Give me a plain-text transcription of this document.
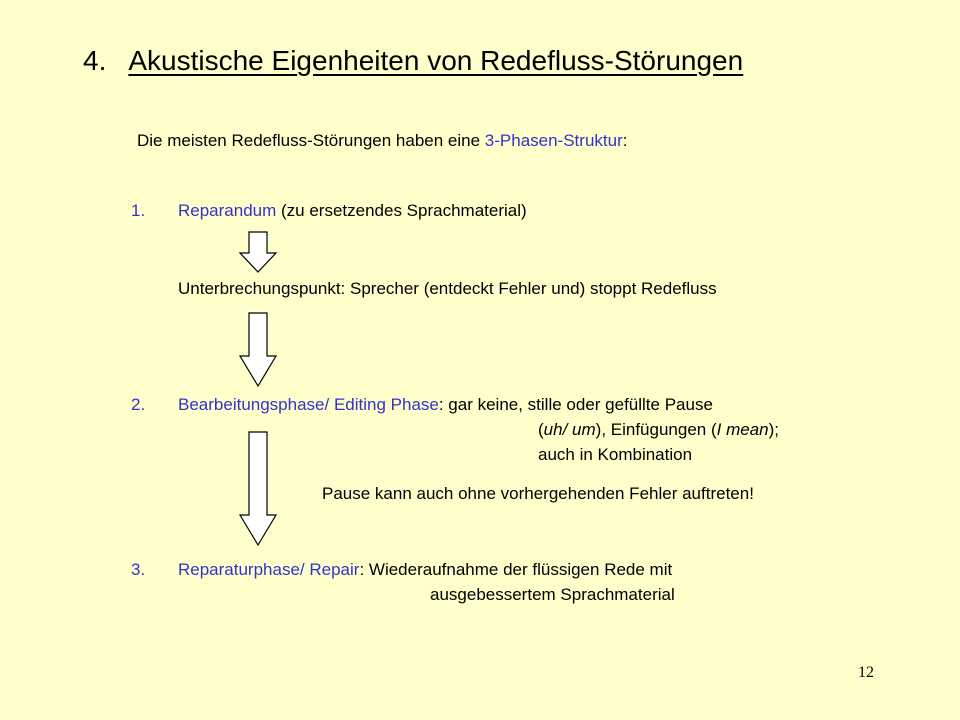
4. Akustische Eigenheiten von Redefluss-Störungen
Die meisten Redefluss-Störungen haben eine 3-Phasen-Struktur:
1. Reparandum (zu ersetzendes Sprachmaterial)
Unterbrechungspunkt: Sprecher (entdeckt Fehler und) stoppt Redefluss
2. Bearbeitungsphase/ Editing Phase: gar keine, stille oder gefüllte Pause
(uh/ um), Einfügungen (I mean);
auch in Kombination
Pause kann auch ohne vorhergehenden Fehler auftreten!
3. Reparaturphase/ Repair: Wiederaufnahme der flüssigen Rede mit
ausgebessertem Sprachmaterial
12
